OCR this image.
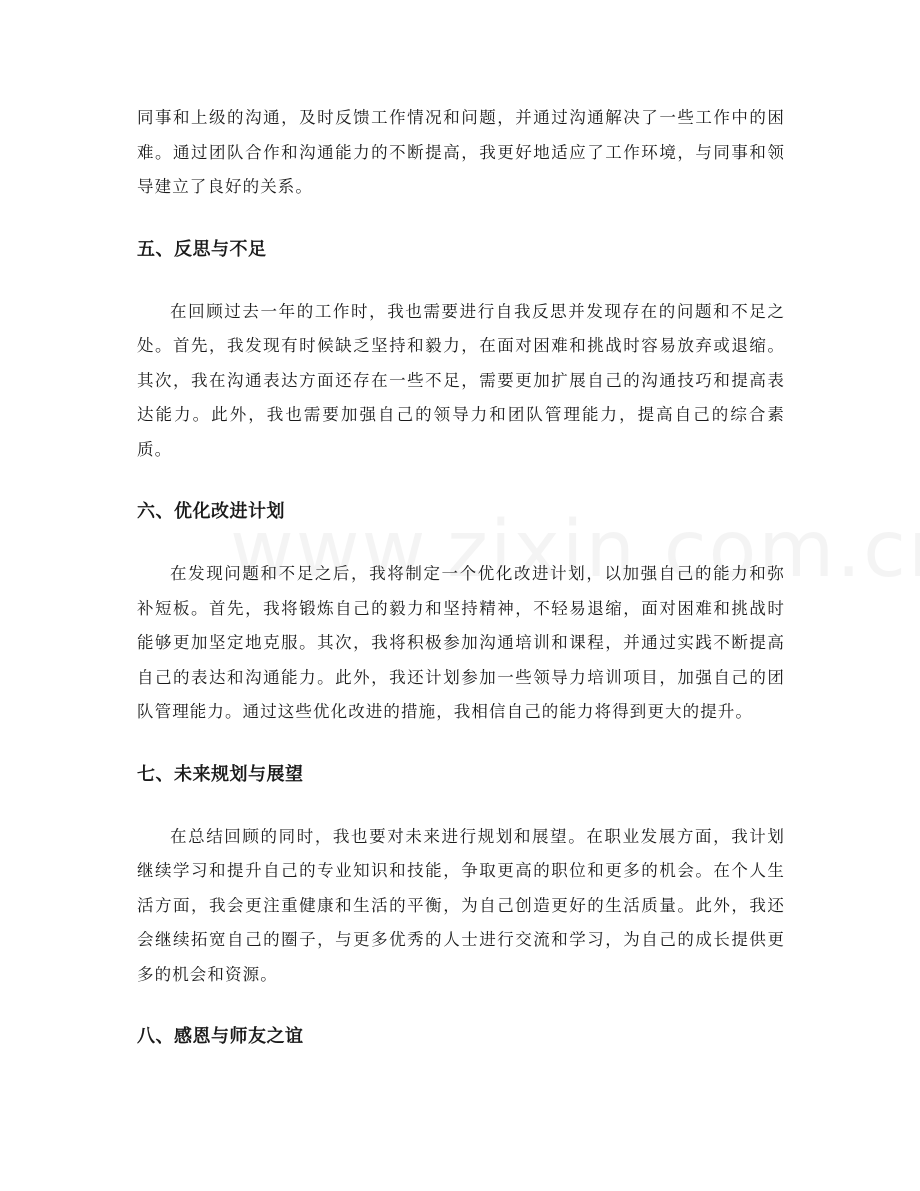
同事和上级的沟通，及时反馈工作情况和问题，并通过沟通解决了一些工作中的困难。通过团队合作和沟通能力的不断提高，我更好地适应了工作环境，与同事和领导建立了良好的关系。

五、反思与不足

在回顾过去一年的工作时，我也需要进行自我反思并发现存在的问题和不足之处。首先，我发现有时候缺乏坚持和毅力，在面对困难和挑战时容易放弃或退缩。其次，我在沟通表达方面还存在一些不足，需要更加扩展自己的沟通技巧和提高表达能力。此外，我也需要加强自己的领导力和团队管理能力，提高自己的综合素质。

六、优化改进计划

在发现问题和不足之后，我将制定一个优化改进计划，以加强自己的能力和弥补短板。首先，我将锻炼自己的毅力和坚持精神，不轻易退缩，面对困难和挑战时能够更加坚定地克服。其次，我将积极参加沟通培训和课程，并通过实践不断提高自己的表达和沟通能力。此外，我还计划参加一些领导力培训项目，加强自己的团队管理能力。通过这些优化改进的措施，我相信自己的能力将得到更大的提升。

七、未来规划与展望

在总结回顾的同时，我也要对未来进行规划和展望。在职业发展方面，我计划继续学习和提升自己的专业知识和技能，争取更高的职位和更多的机会。在个人生活方面，我会更注重健康和生活的平衡，为自己创造更好的生活质量。此外，我还会继续拓宽自己的圈子，与更多优秀的人士进行交流和学习，为自己的成长提供更多的机会和资源。

八、感恩与师友之谊
